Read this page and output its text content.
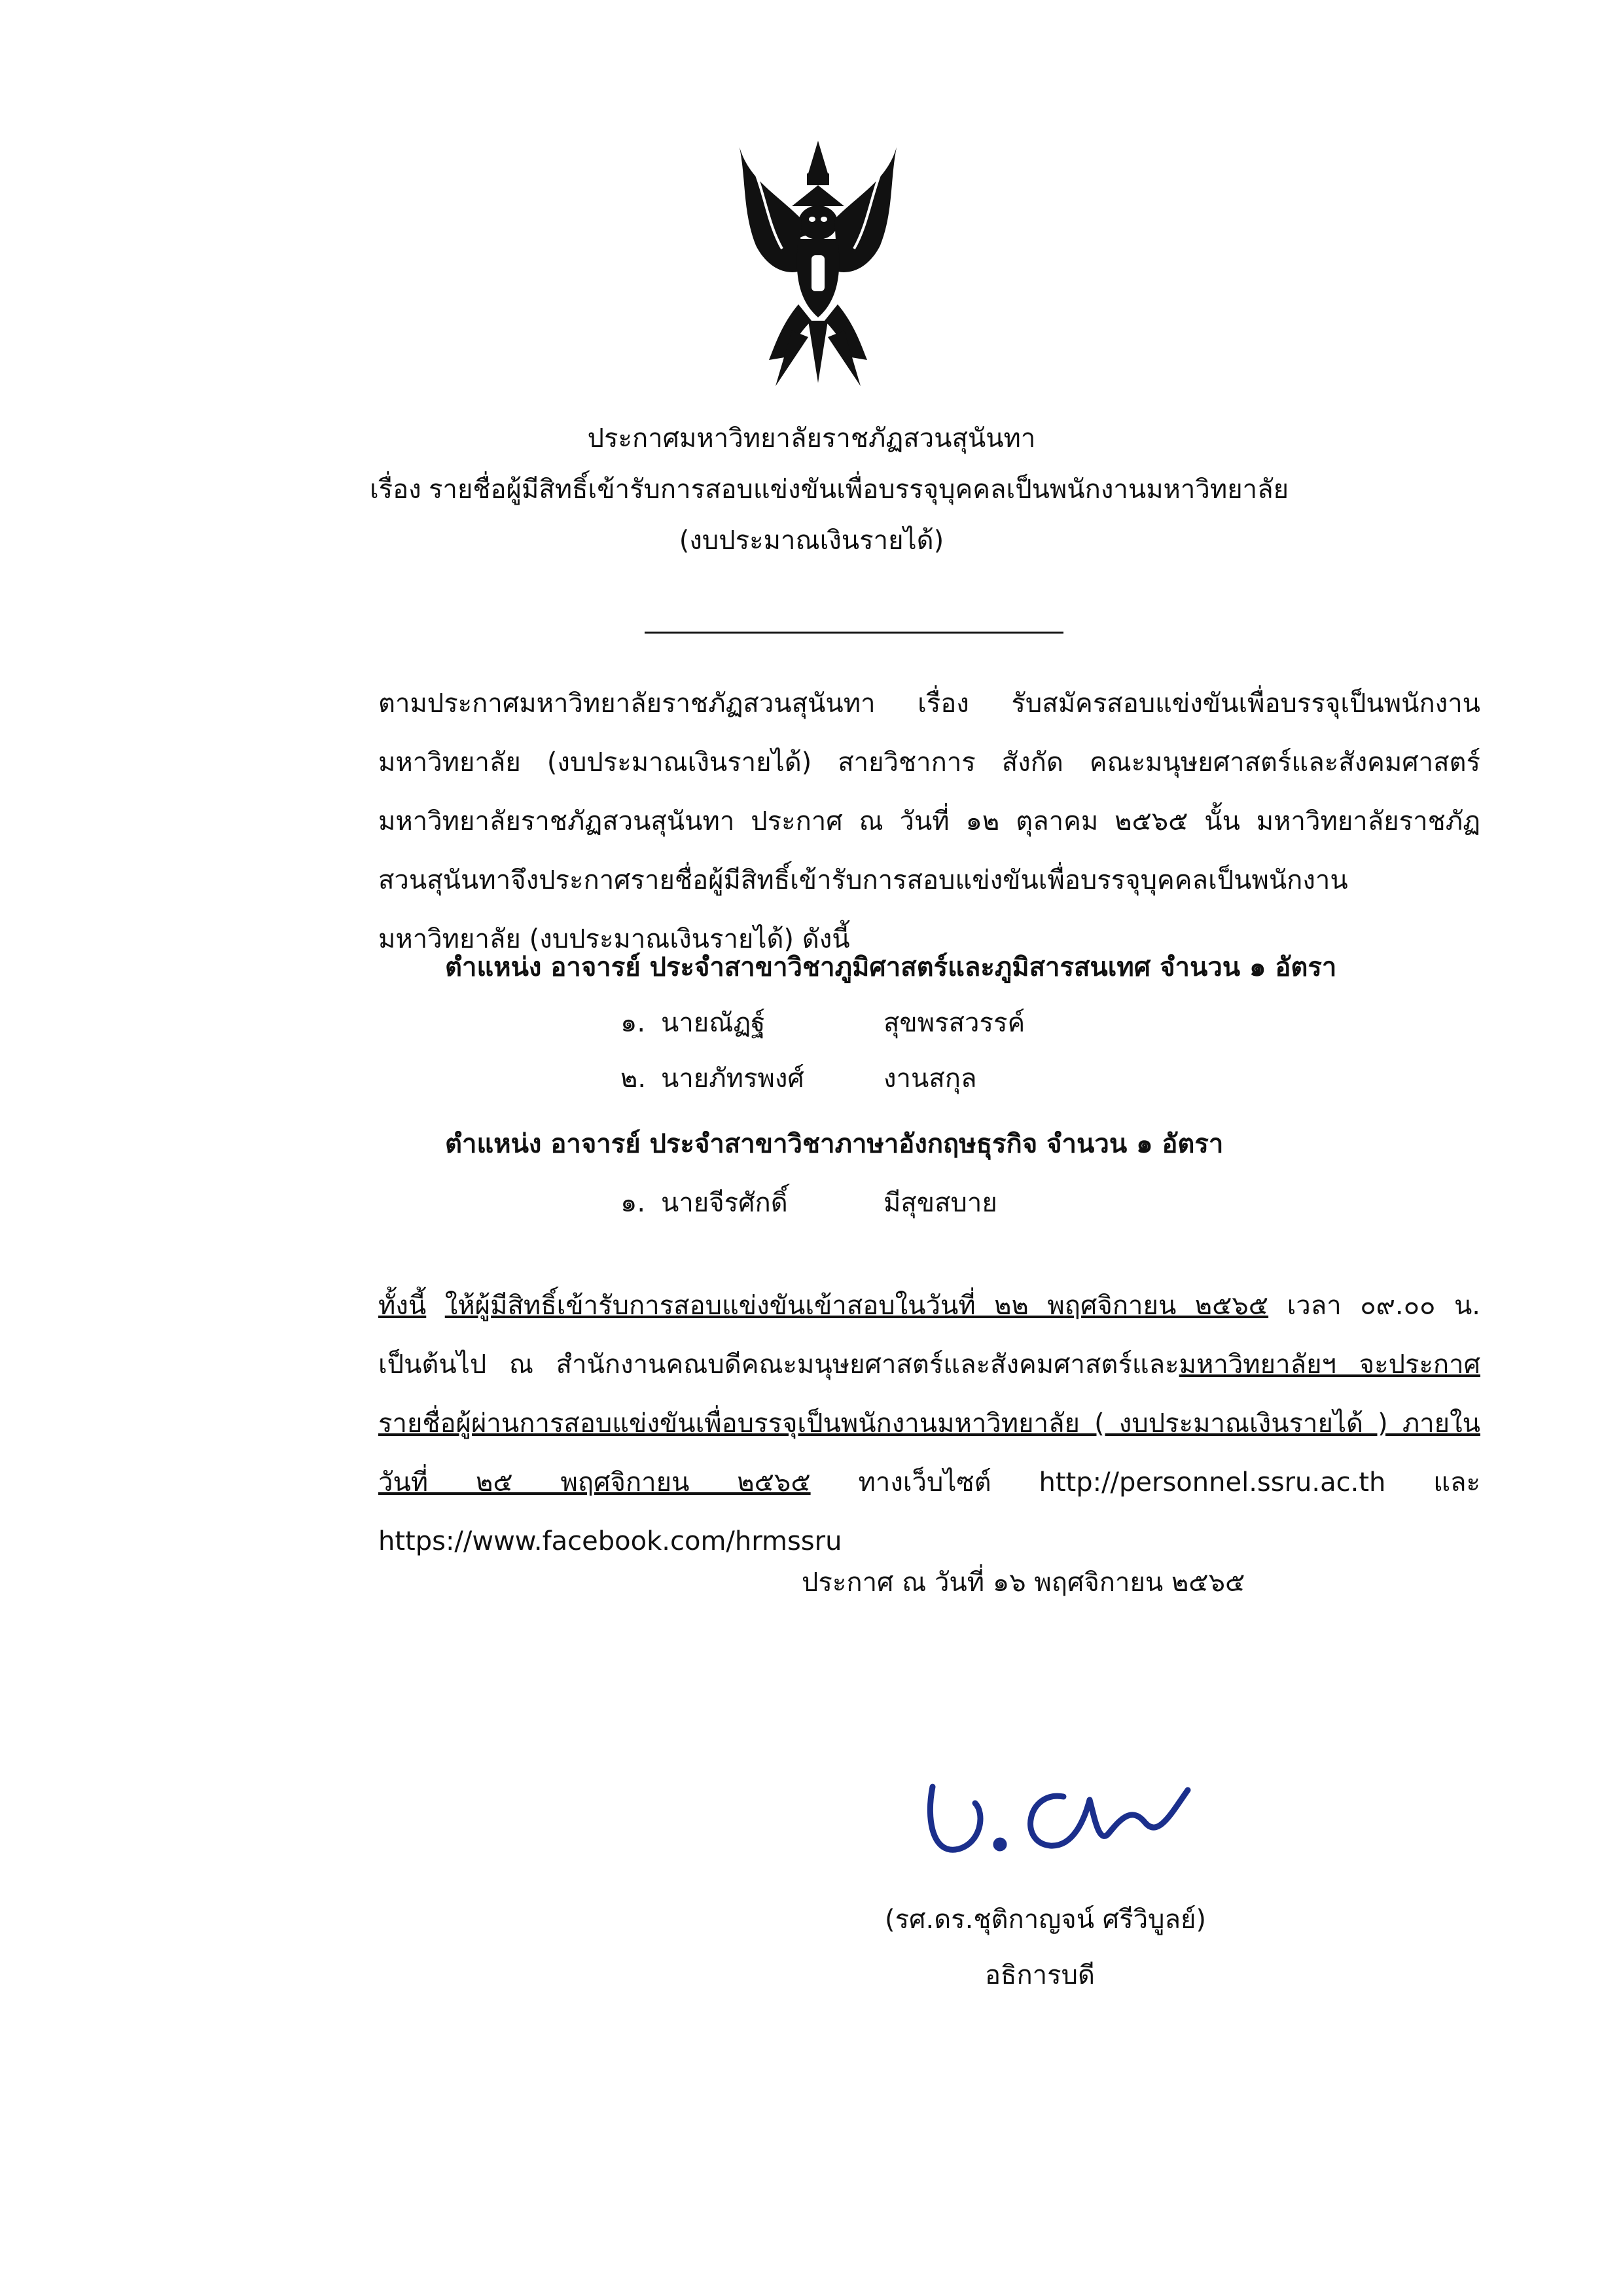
ประกาศมหาวิทยาลัยราชภัฏสวนสุนันทา
เรื่อง รายชื่อผู้มีสิทธิ์เข้ารับการสอบแข่งขันเพื่อบรรจุบุคคลเป็นพนักงานมหาวิทยาลัย
(งบประมาณเงินรายได้)

ตามประกาศมหาวิทยาลัยราชภัฏสวนสุนันทา เรื่อง รับสมัครสอบแข่งขันเพื่อบรรจุเป็นพนักงานมหาวิทยาลัย (งบประมาณเงินรายได้) สายวิชาการ สังกัด คณะมนุษยศาสตร์และสังคมศาสตร์ มหาวิทยาลัยราชภัฏสวนสุนันทา ประกาศ ณ วันที่ ๑๒ ตุลาคม ๒๕๖๕ นั้น มหาวิทยาลัยราชภัฏสวนสุนันทาจึงประกาศรายชื่อผู้มีสิทธิ์เข้ารับการสอบแข่งขันเพื่อบรรจุบุคคลเป็นพนักงานมหาวิทยาลัย (งบประมาณเงินรายได้) ดังนี้

ตำแหน่ง อาจารย์ ประจำสาขาวิชาภูมิศาสตร์และภูมิสารสนเทศ จำนวน ๑ อัตรา
๑. นายณัฏฐ์	สุขพรสวรรค์
๒. นายภัทรพงศ์	งานสกุล
ตำแหน่ง อาจารย์ ประจำสาขาวิชาภาษาอังกฤษธุรกิจ จำนวน ๑ อัตรา
๑. นายจีรศักดิ์	มีสุขสบาย

ทั้งนี้ ให้ผู้มีสิทธิ์เข้ารับการสอบแข่งขันเข้าสอบในวันที่ ๒๒ พฤศจิกายน ๒๕๖๕ เวลา ๐๙.๐๐ น. เป็นต้นไป ณ สำนักงานคณบดีคณะมนุษยศาสตร์และสังคมศาสตร์และมหาวิทยาลัยฯ จะประกาศรายชื่อผู้ผ่านการสอบแข่งขันเพื่อบรรจุเป็นพนักงานมหาวิทยาลัย ( งบประมาณเงินรายได้ ) ภายในวันที่ ๒๕ พฤศจิกายน ๒๕๖๕ ทางเว็บไซต์ http://personnel.ssru.ac.th และ https://www.facebook.com/hrmssru

ประกาศ ณ วันที่ ๑๖ พฤศจิกายน ๒๕๖๕
(รศ.ดร.ชุติกาญจน์ ศรีวิบูลย์)
อธิการบดี
